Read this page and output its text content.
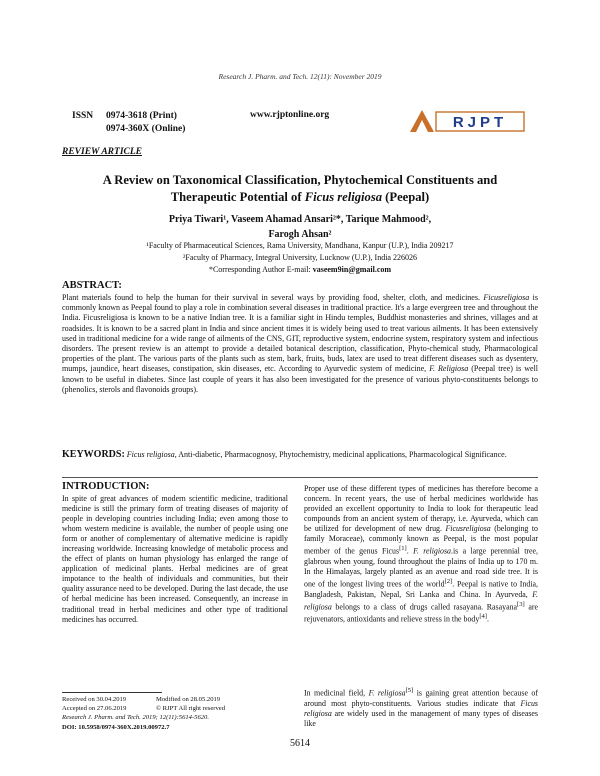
Research J. Pharm. and Tech. 12(11): November 2019
ISSN 0974-3618 (Print)
0974-360X (Online)
www.rjptonline.org	RJPT
REVIEW ARTICLE
A Review on Taxonomical Classification, Phytochemical Constituents and
Therapeutic Potential of Ficus religiosa (Peepal)
Priya Tiwari¹, Vaseem Ahamad Ansari²*, Tarique Mahmood²,
Farogh Ahsan²
¹Faculty of Pharmaceutical Sciences, Rama University, Mandhana, Kanpur (U.P.), India 209217
²Faculty of Pharmacy, Integral University, Lucknow (U.P.), India 226026
*Corresponding Author E-mail: vaseem9in@gmail.com
ABSTRACT:
Plant materials found to help the human for their survival in several ways by providing food, shelter, cloth, and medicines. Ficusreligiosa is commonly known as Peepal found to play a role in combination several diseases in traditional practice. It's a large evergreen tree and throughout the India. Ficusreligiosa is known to be a native Indian tree. It is a familiar sight in Hindu temples, Buddhist monasteries and shrines, villages and at roadsides. It is known to be a sacred plant in India and since ancient times it is widely being used to treat various ailments. It has been extensively used in traditional medicine for a wide range of ailments of the CNS, GIT, reproductive system, endocrine system, respiratory system and infectious disorders. The present review is an attempt to provide a detailed botanical description, classification, Phyto-chemical study, Pharmacological properties of the plant. The various parts of the plants such as stem, bark, fruits, buds, latex are used to treat different diseases such as dysentery, mumps, jaundice, heart diseases, constipation, skin diseases, etc. According to Ayurvedic system of medicine, F. Religiosa (Peepal tree) is well known to be useful in diabetes. Since last couple of years it has also been investigated for the presence of various phyto-constituents belongs to (phenolics, sterols and flavonoids groups).
KEYWORDS: Ficus religiosa, Anti-diabetic, Pharmacognosy, Phytochemistry, medicinal applications, Pharmacological Significance.
INTRODUCTION:
In spite of great advances of modern scientific medicine, traditional medicine is still the primary form of treating diseases of majority of people in developing countries including India; even among those to whom western medicine is available, the number of people using one form or another of complementary of alternative medicine is rapidly increasing worldwide. Increasing knowledge of metabolic process and the effect of plants on human physiology has enlarged the range of application of medicinal plants. Herbal medicines are of great impotance to the health of individuals and communities, but their quality assurance need to be developed. During the last decade, the use of herbal medicine has been increased. Consequently, an increase in traditional tread in herbal medicines and other type of traditional medicines has occurred.
Proper use of these different types of medicines has therefore become a concern. In recent years, the use of herbal medicines worldwide has provided an excellent opportunity to India to look for therapeutic lead compounds from an ancient system of therapy, i.e. Ayurveda, which can be utilized for development of new drug. Ficusreligiosa (belonging to family Moraceae), commonly known as Peepal, is the most popular member of the genus Ficus[1]. F. religiosa.is a large perennial tree, glabrous when young, found throughout the plains of India up to 170 m. In the Himalayas, largely planted as an avenue and road side tree. It is one of the longest living trees of the world[2]. Peepal is native to India, Bangladesh, Pakistan, Nepal, Sri Lanka and China. In Ayurveda, F. religiosa belongs to a class of drugs called rasayana. Rasayana[3] are rejuvenators, antioxidants and relieve stress in the body[4].
In medicinal field, F. religiosa[5] is gaining great attention because of around most phyto-constituents. Various studies indicate that Ficus religiosa are widely used in the management of many types of diseases like
Received on 30.04.2019	Modified on 28.05.2019
Accepted on 27.06.2019	© RJPT All right reserved
Research J. Pharm. and Tech. 2019; 12(11):5614-5620.
DOI: 10.5958/0974-360X.2019.00972.7
5614
